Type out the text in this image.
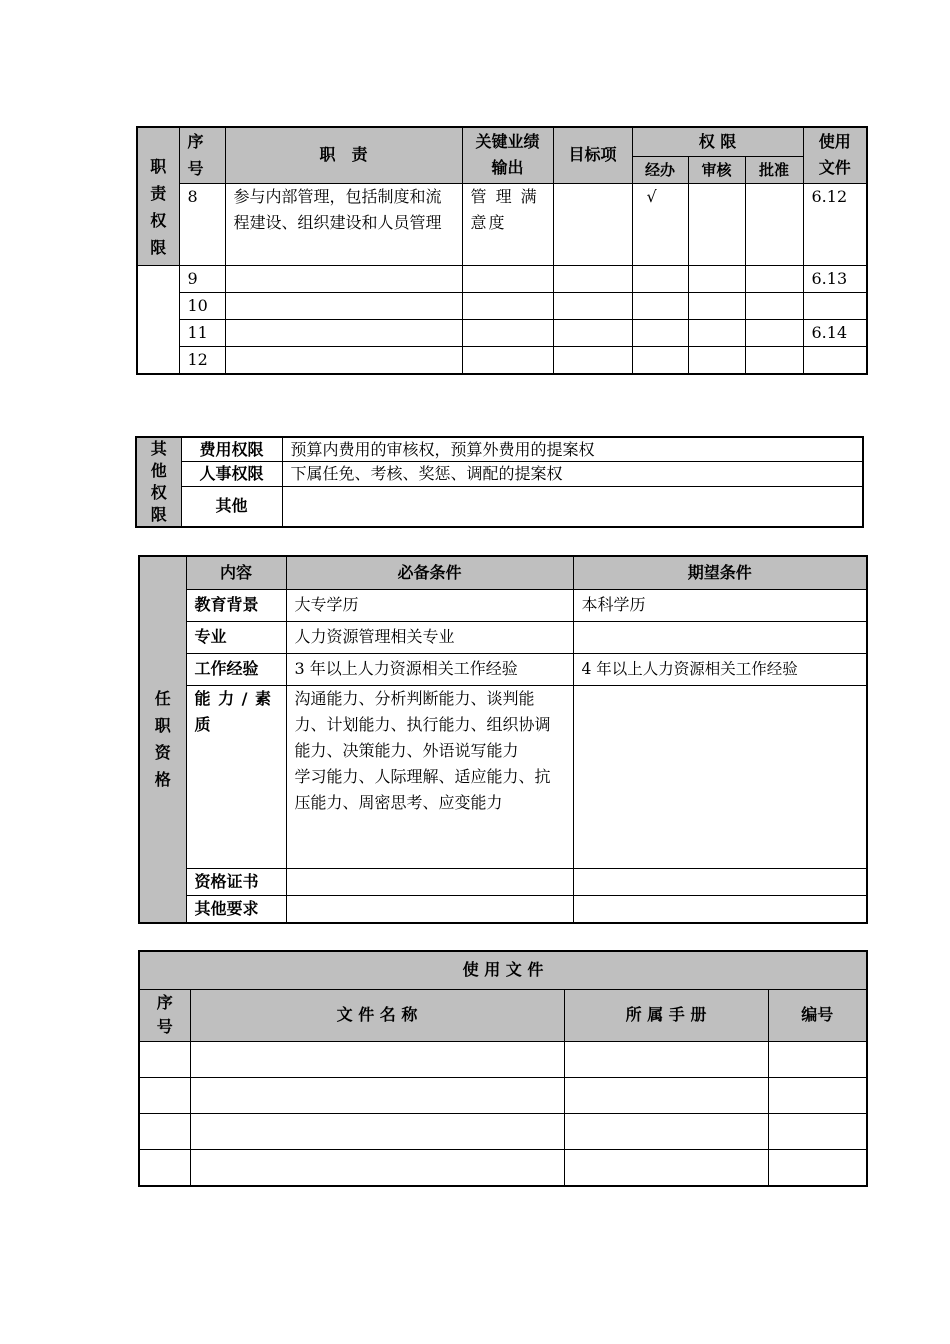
职责权限	序号	职　责	关键业绩输出	目标项	权 限			使用文件
					经办	审核	批准	
	8	参与内部管理，包括制度和流程建设、组织建设和人员管理	管 理 满 意度		√			6.12
	9							6.13
	10							
	11							6.14
	12							
其他权限	费用权限	预算内费用的审核权，预算外费用的提案权
	人事权限	下属任免、考核、奖惩、调配的提案权
	其他	
任职资格	内容	必备条件	期望条件
	教育背景	大专学历	本科学历
	专业	人力资源管理相关专业	
	工作经验	3 年以上人力资源相关工作经验	4 年以上人力资源相关工作经验
	能 力 / 素 质	沟通能力、分析判断能力、谈判能力、计划能力、执行能力、组织协调能力、决策能力、外语说写能力
学习能力、人际理解、适应能力、抗压能力、周密思考、应变能力	

	资格证书		
	其他要求		
使 用 文 件			

序号	文 件 名 称	所 属 手 册	编号
